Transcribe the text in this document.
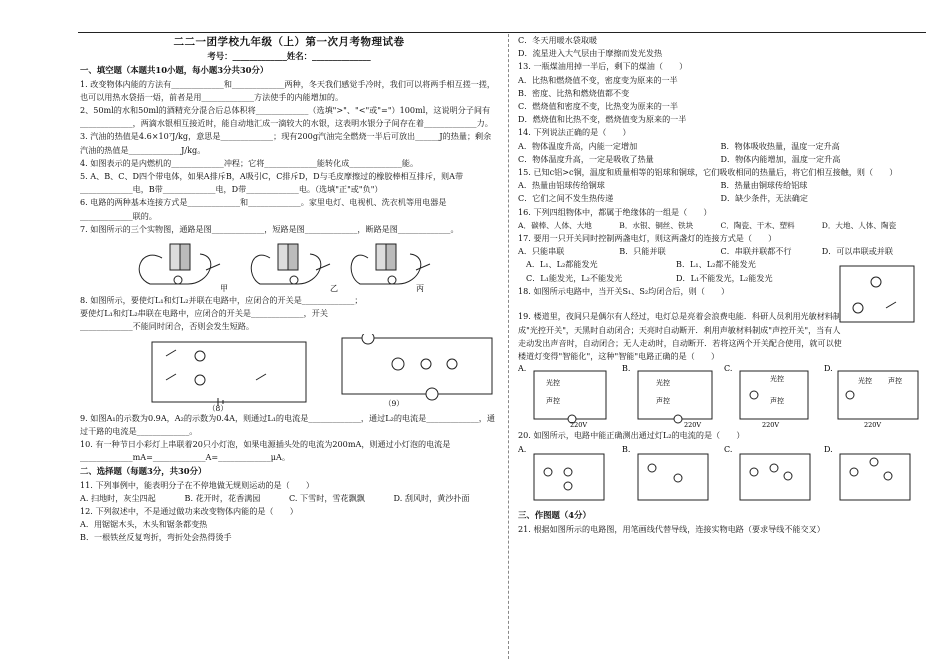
二二一团学校九年级（上）第一次月考物理试卷
考号：_____________姓名：______________
一、填空题（本题共10小题，每小题3分共30分）

1. 改变物体内能的方法有_____________和_____________两种，冬天我们感觉手冷时，我们可以将两手相互搓一搓，也可以用热水袋捂一焐，前者是用_____________方法使手的内能增加的。

2、50ml的水和50ml的酒精充分混合后总体积将_____________（选填">"、"<"或"="）100ml，这说明分子间有_____________，两滴水银相互接近时，能自动地汇成一滴较大的水银，这表明水银分子间存在着_____________力。

3. 汽油的热值是4.6×10⁷J/kg，意思是_____________；现有200g汽油完全燃烧一半后可放出______J的热量；剩余汽油的热值是_____________J/kg。

4. 如图表示的是内燃机的_____________冲程；它将_____________能转化成_____________能。

5. A、B、C、D四个带电体，如果A排斥B，A吸引C，C排斥D，D与毛皮摩擦过的橡胶棒相互排斥，则A带_____________电，B带_____________电，D带_____________电。（选填"正"或"负"）

6. 电路的两种基本连接方式是_____________和_____________。家里电灯、电视机、洗衣机等用电器是_____________联的。

7. 如图所示的三个实物图，通路是图_____________，短路是图_____________，断路是图_____________。

甲	乙	丙

8. 如图所示，要使灯L₁和灯L₂并联在电路中，应闭合的开关是_____________；要使灯L₁和灯L₂串联在电路中，应闭合的开关是_____________，开关_____________不能同时闭合，否则会发生短路。

（8）
（9）

9. 如图A₁的示数为0.9A，A₂的示数为0.4A，则通过L₁的电流是_____________，通过L₂的电流是_____________，通过干路的电流是_____________。

10. 有一种节日小彩灯上串联着20只小灯泡，如果电源插头处的电流为200mA，则通过小灯泡的电流是_____________mA=_____________A=_____________μA。

二、选择题（每题3分，共30分）

11. 下列事例中，能表明分子在不停地做无规则运动的是（　　）

A. 扫地时，灰尘四起	B. 花开时，花香满园	C. 下雪时，雪花飘飘	D. 刮风时，黄沙扑面

12. 下列叙述中，不是通过做功来改变物体内能的是（　　）

A．用锯锯木头，木头和锯条都变热

B．一根铁丝反复弯折，弯折处会热得烫手

C．冬天用暖水袋取暖

D．流星进入大气层由于摩擦而发光发热

13. 一瓶煤油用掉一半后，剩下的煤油（　　）

A．比热和燃烧值不变，密度变为原来的一半

B．密度、比热和燃烧值都不变

C．燃烧值和密度不变，比热变为原来的一半

D．燃烧值和比热不变，燃烧值变为原来的一半

14. 下列说法正确的是（　　）

A．物体温度升高，内能一定增加	B．物体吸收热量，温度一定升高
C．物体温度升高，一定是吸收了热量	D．物体内能增加，温度一定升高

15. 已知c铝>c铜，温度和质量相等的铝球和铜球，它们吸收相同的热量后，将它们相互接触，则（　　）

A．热量由铝球传给铜球	B．热量由铜球传给铝球
C．它们之间不发生热传递	D．缺少条件，无法确定

16. 下列四组物体中，都属于绝缘体的一组是（　　）

A．碳棒、人体、大地	B．水银、铜丝、铁块	C．陶瓷、干木、塑料	D．大地、人体、陶瓷

17. 要用一只开关同时控制两盏电灯，则这两盏灯的连接方式是（　　）

A．只能串联	B．只能并联	C．串联并联都不行	D．可以串联或并联
A．L₁、L₂都能发光	B．L₁、L₂都不能发光
C．L₁能发光，L₂不能发光	D．L₁不能发光，L₂能发光

18. 如图所示电路中，当开关S₁、S₂均闭合后，则（　　）

19. 楼道里，夜间只是偶尔有人经过，电灯总是亮着会浪费电能．科研人员利用光敏材料制成"光控开关"，天黑时自动闭合；天亮时自动断开．利用声敏材料制成"声控开关"，当有人走动发出声音时，自动闭合；无人走动时，自动断开．若将这两个开关配合使用，就可以使楼道灯变得"智能化"，这种"智能"电路正确的是（　　）

A.
光控
声控
220V
B.
光控
声控
220V
C.
光控
声控
220V
D.
光控 声控
220V

20. 如图所示，电路中能正确测出通过灯L₂的电流的是（　　）

A.	B.	C.	D.
三、作图题（4分）

21. 根据如图所示的电路图，用笔画线代替导线，连接实物电路（要求导线不能交叉）
